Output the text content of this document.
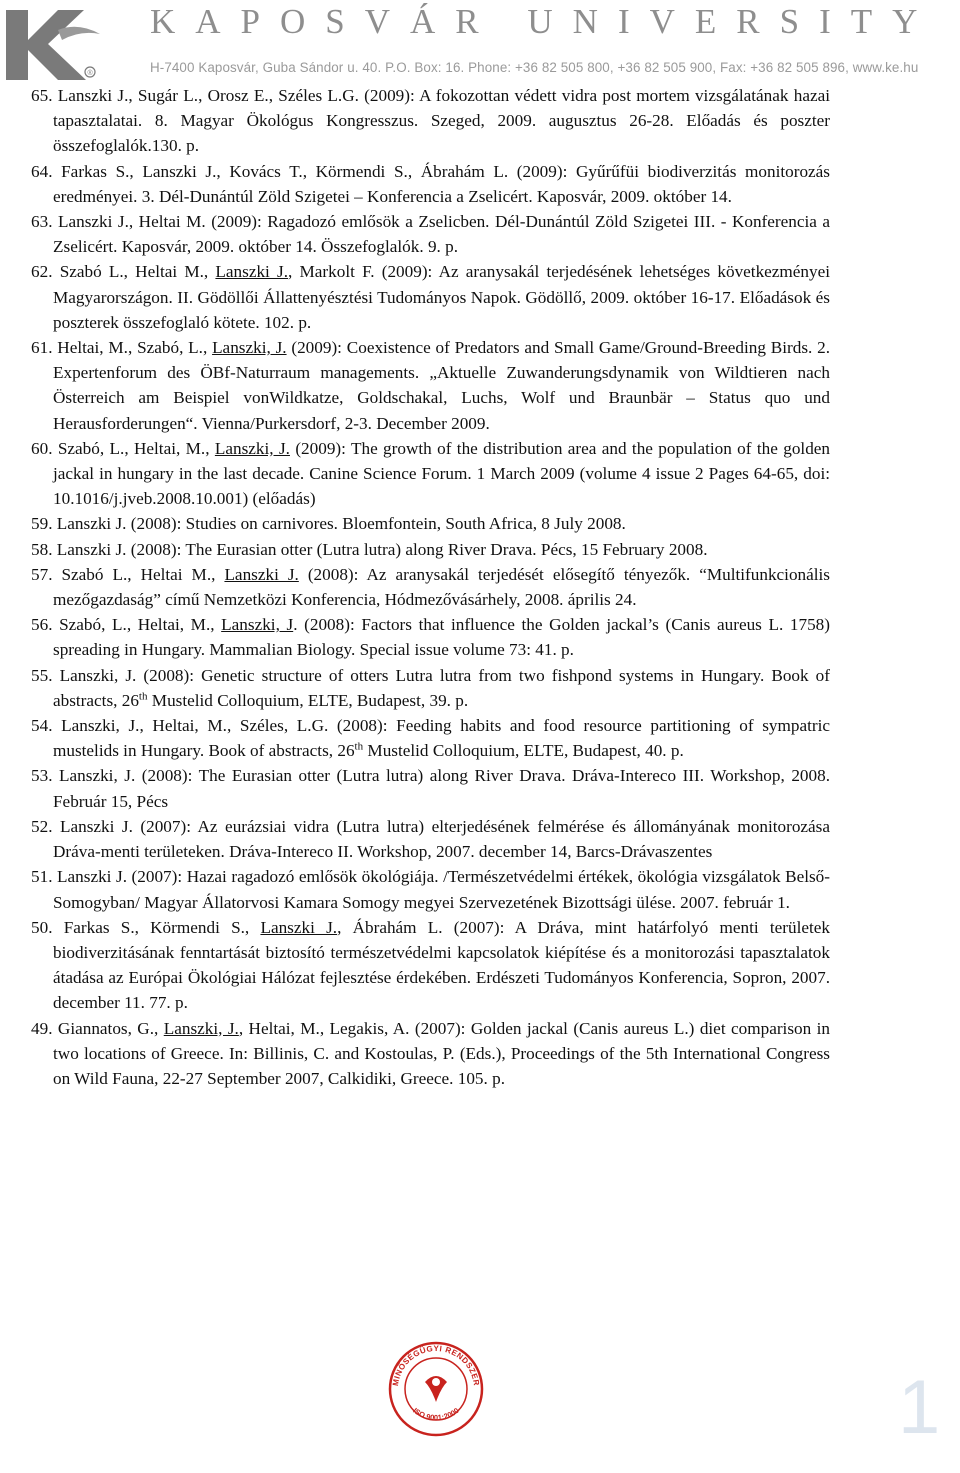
®
KAPOSVÁR UNIVERSITY
H-7400 Kaposvár, Guba Sándor u. 40. P.O. Box: 16. Phone: +36 82 505 800, +36 82 505 900, Fax: +36 82 505 896, www.ke.hu
65. Lanszki J., Sugár L., Orosz E., Széles L.G. (2009): A fokozottan védett vidra post mortem vizsgálatának hazai tapasztalatai. 8. Magyar Ökológus Kongresszus. Szeged, 2009. augusztus 26-28. Előadás és poszter összefoglalók.130. p.
64. Farkas S., Lanszki J., Kovács T., Körmendi S., Ábrahám L. (2009): Gyűrűfüi biodiverzitás monitorozás eredményei. 3. Dél-Dunántúl Zöld Szigetei – Konferencia a Zselicért. Kaposvár, 2009. október 14.
63. Lanszki J., Heltai M. (2009): Ragadozó emlősök a Zselicben. Dél-Dunántúl Zöld Szigetei III. - Konferencia a Zselicért. Kaposvár, 2009. október 14. Összefoglalók. 9. p.
62. Szabó L., Heltai M., Lanszki J., Markolt F. (2009): Az aranysakál terjedésének lehetséges következményei Magyarországon. II. Gödöllői Állattenyésztési Tudományos Napok. Gödöllő, 2009. október 16-17. Előadások és poszterek összefoglaló kötete. 102. p.
61. Heltai, M., Szabó, L., Lanszki, J. (2009): Coexistence of Predators and Small Game/Ground-Breeding Birds. 2. Expertenforum des ÖBf-Naturraum managements. „Aktuelle Zuwanderungsdynamik von Wildtieren nach Österreich am Beispiel vonWildkatze, Goldschakal, Luchs, Wolf und Braunbär – Status quo und Herausforderungen“. Vienna/Purkersdorf, 2-3. December 2009.
60. Szabó, L., Heltai, M., Lanszki, J. (2009): The growth of the distribution area and the population of the golden jackal in hungary in the last decade. Canine Science Forum. 1 March 2009 (volume 4 issue 2 Pages 64-65, doi: 10.1016/j.jveb.2008.10.001) (előadás)
59. Lanszki J. (2008): Studies on carnivores. Bloemfontein, South Africa, 8 July 2008.
58. Lanszki J. (2008): The Eurasian otter (Lutra lutra) along River Drava. Pécs, 15 February 2008.
57. Szabó L., Heltai M., Lanszki J. (2008): Az aranysakál terjedését elősegítő tényezők. “Multifunkcionális mezőgazdaság” című Nemzetközi Konferencia, Hódmezővásárhely, 2008. április 24.
56. Szabó, L., Heltai, M., Lanszki, J. (2008): Factors that influence the Golden jackal’s (Canis aureus L. 1758) spreading in Hungary. Mammalian Biology. Special issue volume 73: 41. p.
55. Lanszki, J. (2008): Genetic structure of otters Lutra lutra from two fishpond systems in Hungary. Book of abstracts, 26th Mustelid Colloquium, ELTE, Budapest, 39. p.
54. Lanszki, J., Heltai, M., Széles, L.G. (2008): Feeding habits and food resource partitioning of sympatric mustelids in Hungary. Book of abstracts, 26th Mustelid Colloquium, ELTE, Budapest, 40. p.
53. Lanszki, J. (2008): The Eurasian otter (Lutra lutra) along River Drava. Dráva-Intereco III. Workshop, 2008. Február 15, Pécs
52. Lanszki J. (2007): Az eurázsiai vidra (Lutra lutra) elterjedésének felmérése és állományának monitorozása Dráva-menti területeken. Dráva-Intereco II. Workshop, 2007. december 14, Barcs-Drávaszentes
51. Lanszki J. (2007): Hazai ragadozó emlősök ökológiája. /Természetvédelmi értékek, ökológia vizsgálatok Belső-Somogyban/ Magyar Állatorvosi Kamara Somogy megyei Szervezetének Bizottsági ülése. 2007. február 1.
50. Farkas S., Körmendi S., Lanszki J., Ábrahám L. (2007): A Dráva, mint határfolyó menti területek biodiverzitásának fenntartását biztosító természetvédelmi kapcsolatok kiépítése és a monitorozási tapasztalatok átadása az Európai Ökológiai Hálózat fejlesztése érdekében. Erdészeti Tudományos Konferencia, Sopron, 2007. december 11. 77. p.
49. Giannatos, G., Lanszki, J., Heltai, M., Legakis, A. (2007): Golden jackal (Canis aureus L.) diet comparison in two locations of Greece. In: Billinis, C. and Kostoulas, P. (Eds.), Proceedings of the 5th International Congress on Wild Fauna, 22-27 September 2007, Calkidiki, Greece. 105. p.
MINŐSÉGÜGYI RENDSZER
ISO 9001:2000	1
